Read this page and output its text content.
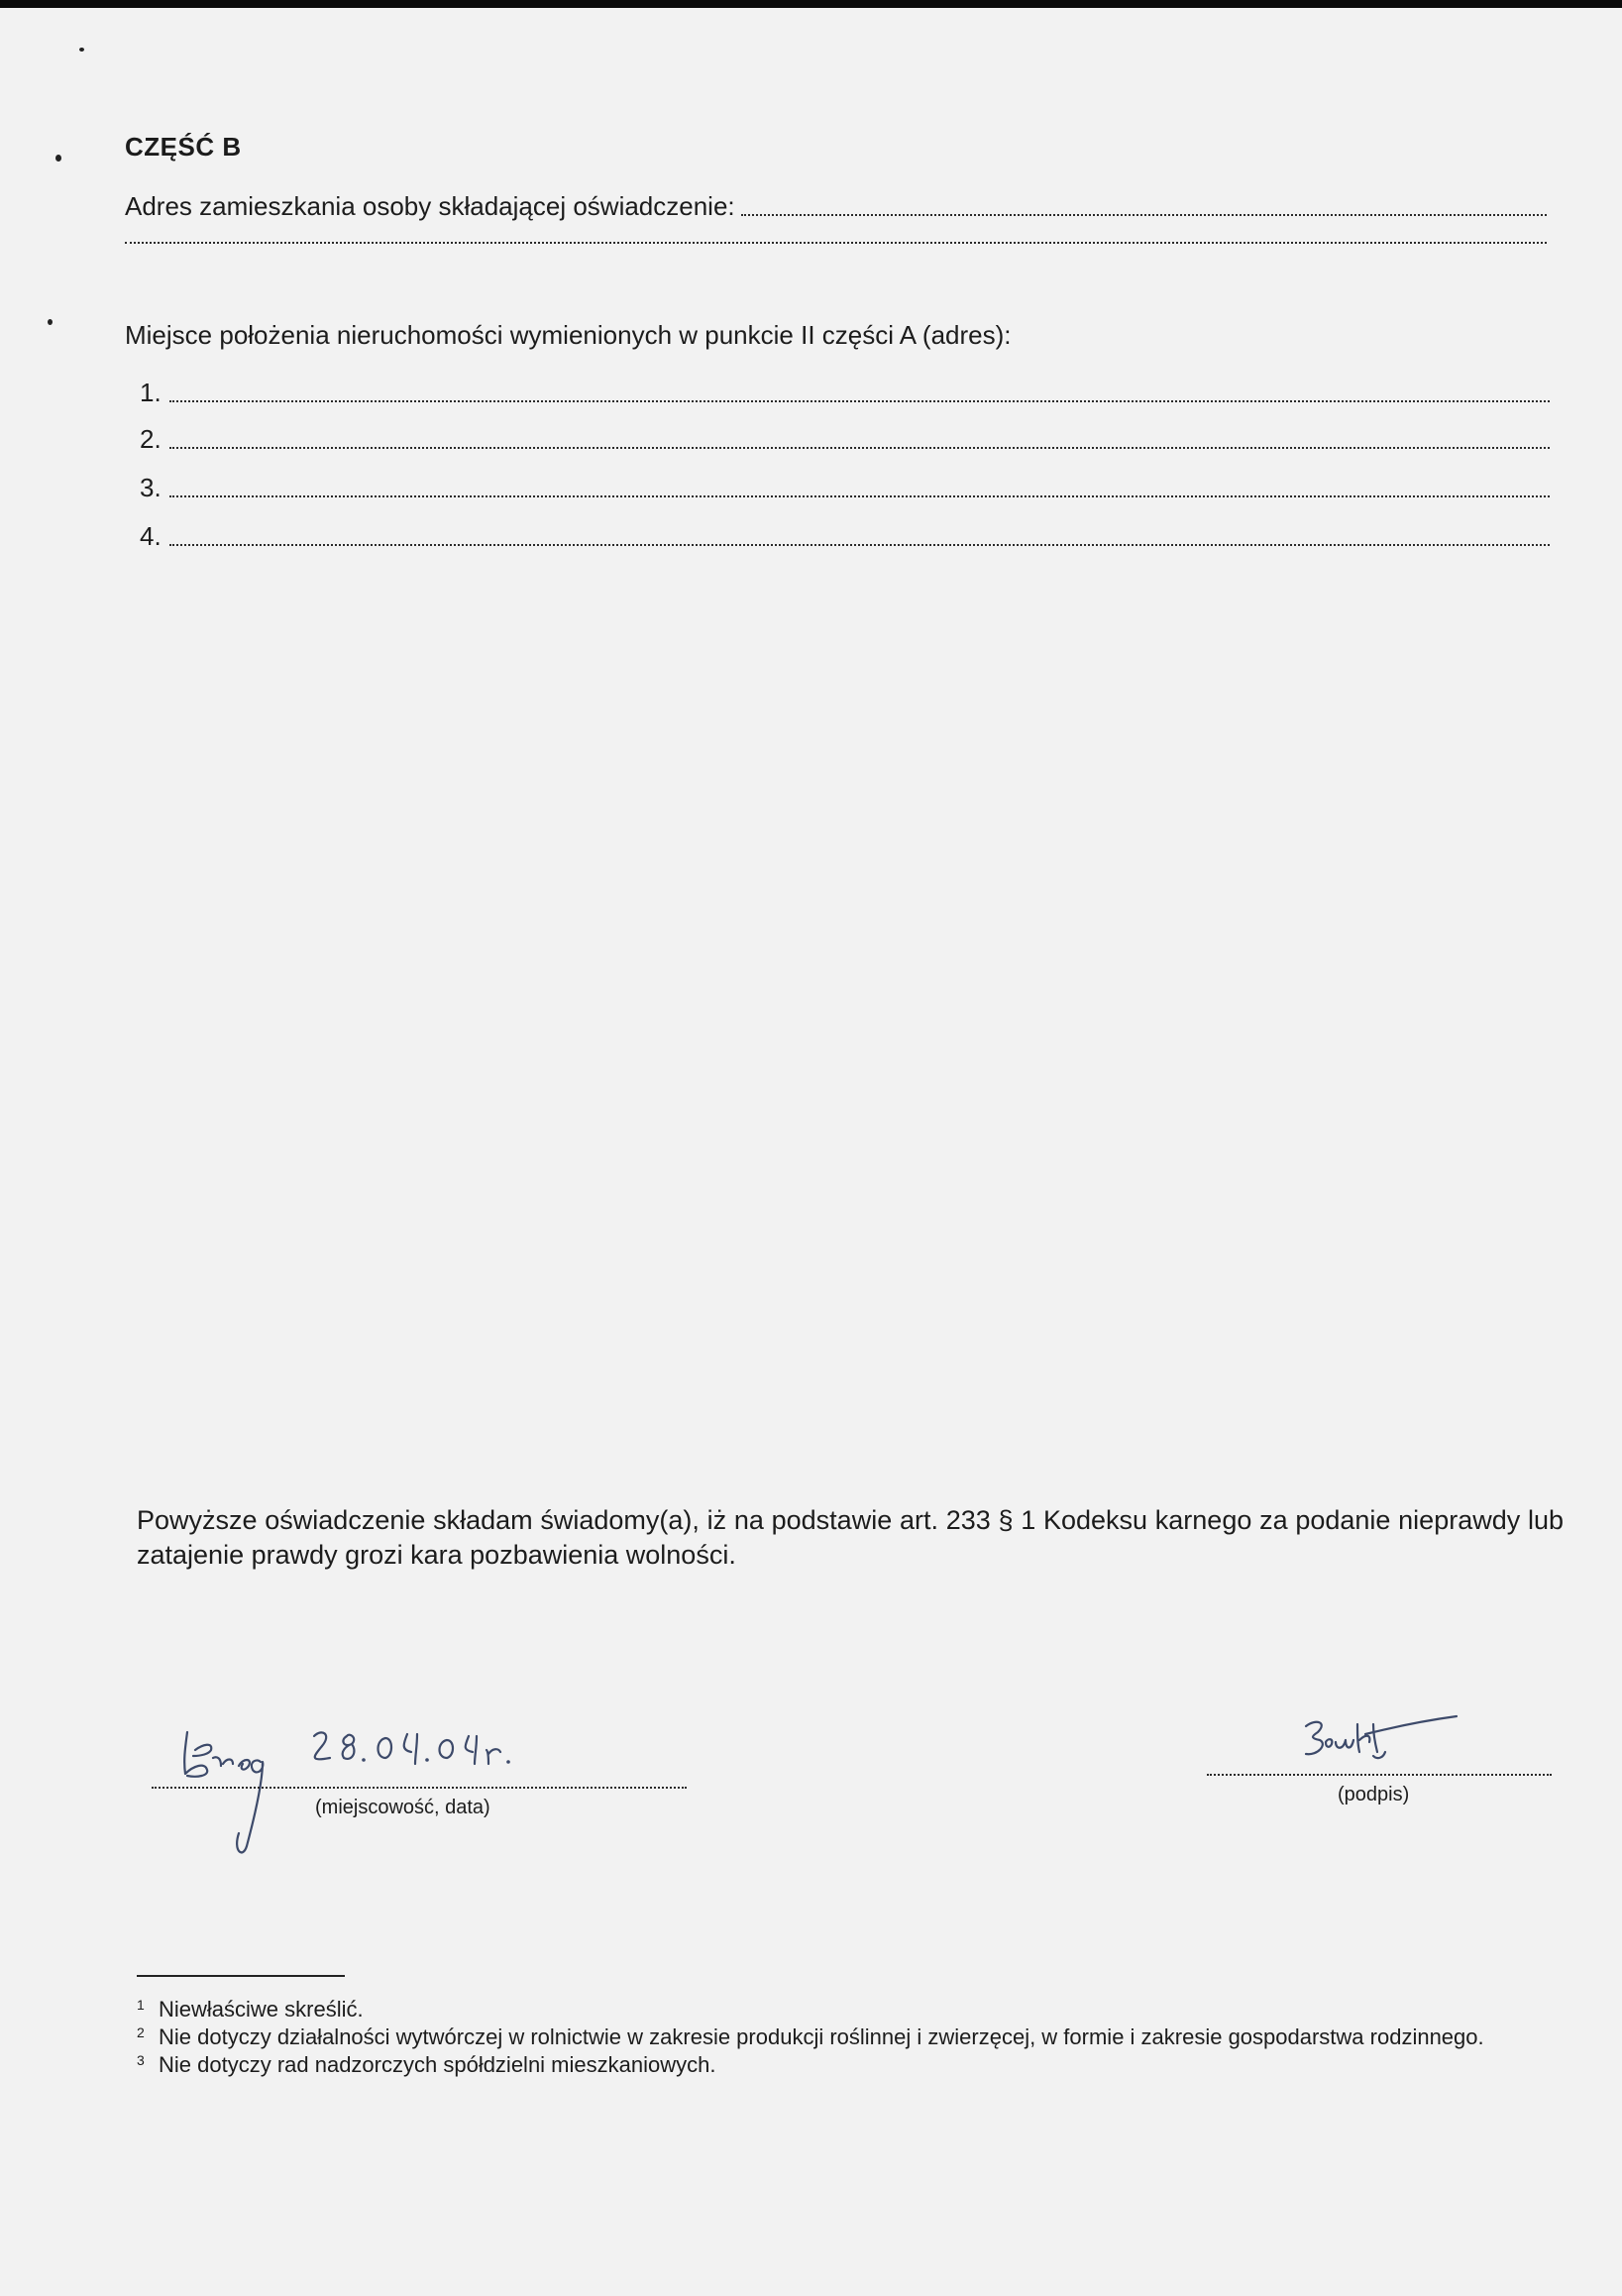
CZĘŚĆ B
Adres zamieszkania osoby składającej oświadczenie:
Miejsce położenia nieruchomości wymienionych w punkcie II części A (adres):
1.
2.
3.
4.
Powyższe oświadczenie składam świadomy(a), iż na podstawie art. 233 § 1 Kodeksu karnego za podanie nieprawdy lub zatajenie prawdy grozi kara pozbawienia wolności.
(miejscowość, data)
(podpis)
1 Niewłaściwe skreślić.
2 Nie dotyczy działalności wytwórczej w rolnictwie w zakresie produkcji roślinnej i zwierzęcej, w formie i zakresie gospodarstwa rodzinnego.
3 Nie dotyczy rad nadzorczych spółdzielni mieszkaniowych.
